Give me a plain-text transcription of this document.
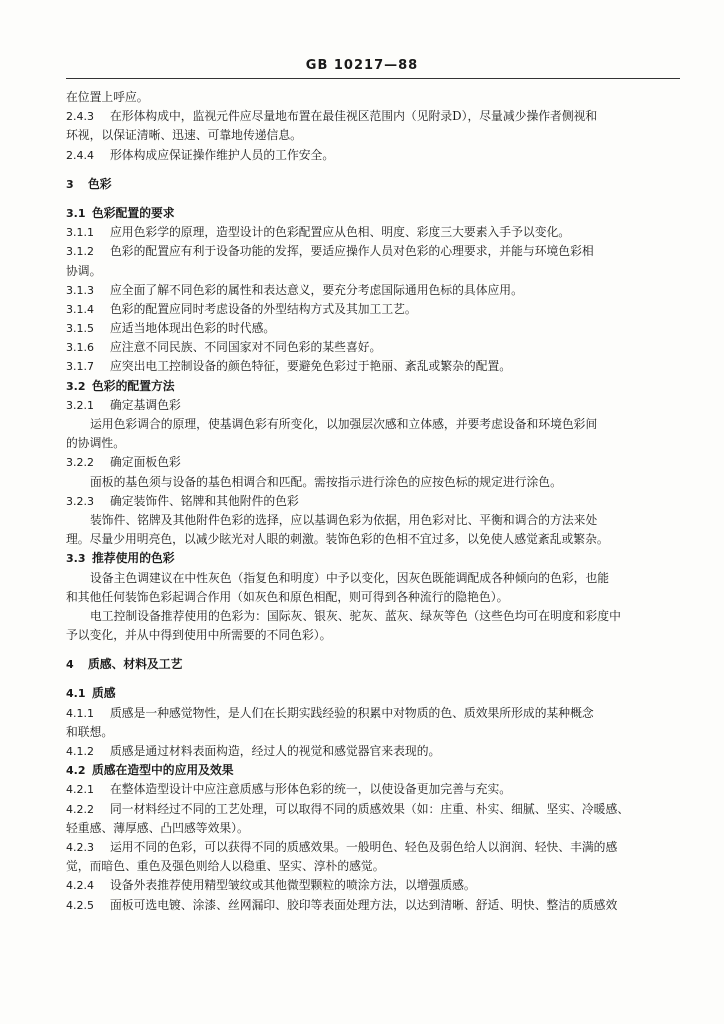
GB 10217—88
在位置上呼应。
2.4.3 在形体构成中，监视元件应尽量地布置在最佳视区范围内（见附录D），尽量减少操作者侧视和
环视，以保证清晰、迅速、可靠地传递信息。
2.4.4 形体构成应保证操作维护人员的工作安全。
3 色彩
3.1 色彩配置的要求
3.1.1 应用色彩学的原理，造型设计的色彩配置应从色相、明度、彩度三大要素入手予以变化。
3.1.2 色彩的配置应有利于设备功能的发挥，要适应操作人员对色彩的心理要求，并能与环境色彩相
协调。
3.1.3 应全面了解不同色彩的属性和表达意义，要充分考虑国际通用色标的具体应用。
3.1.4 色彩的配置应同时考虑设备的外型结构方式及其加工工艺。
3.1.5 应适当地体现出色彩的时代感。
3.1.6 应注意不同民族、不同国家对不同色彩的某些喜好。
3.1.7 应突出电工控制设备的颜色特征，要避免色彩过于艳丽、紊乱或繁杂的配置。
3.2 色彩的配置方法
3.2.1 确定基调色彩
运用色彩调合的原理，使基调色彩有所变化，以加强层次感和立体感，并要考虑设备和环境色彩间
的协调性。
3.2.2 确定面板色彩
面板的基色须与设备的基色相调合和匹配。需按指示进行涂色的应按色标的规定进行涂色。
3.2.3 确定装饰件、铭牌和其他附件的色彩
装饰件、铭牌及其他附件色彩的选择，应以基调色彩为依据，用色彩对比、平衡和调合的方法来处
理。尽量少用明亮色，以减少眩光对人眼的刺激。装饰色彩的色相不宜过多，以免使人感觉紊乱或繁杂。
3.3 推荐使用的色彩
设备主色调建议在中性灰色（指复色和明度）中予以变化，因灰色既能调配成各种倾向的色彩，也能
和其他任何装饰色彩起调合作用（如灰色和原色相配，则可得到各种流行的隐艳色）。
电工控制设备推荐使用的色彩为：国际灰、银灰、驼灰、蓝灰、绿灰等色（这些色均可在明度和彩度中
予以变化，并从中得到使用中所需要的不同色彩）。
4 质感、材料及工艺
4.1 质感
4.1.1 质感是一种感觉物性，是人们在长期实践经验的积累中对物质的色、质效果所形成的某种概念
和联想。
4.1.2 质感是通过材料表面构造，经过人的视觉和感觉器官来表现的。
4.2 质感在造型中的应用及效果
4.2.1 在整体造型设计中应注意质感与形体色彩的统一，以使设备更加完善与充实。
4.2.2 同一材料经过不同的工艺处理，可以取得不同的质感效果（如：庄重、朴实、细腻、坚实、冷暖感、
轻重感、薄厚感、凸凹感等效果）。
4.2.3 运用不同的色彩，可以获得不同的质感效果。一般明色、轻色及弱色给人以润润、轻快、丰满的感
觉，而暗色、重色及强色则给人以稳重、坚实、淳朴的感觉。
4.2.4 设备外表推荐使用精型皱纹或其他微型颗粒的喷涂方法，以增强质感。
4.2.5 面板可选电镀、涂漆、丝网漏印、胶印等表面处理方法，以达到清晰、舒适、明快、整洁的质感效
